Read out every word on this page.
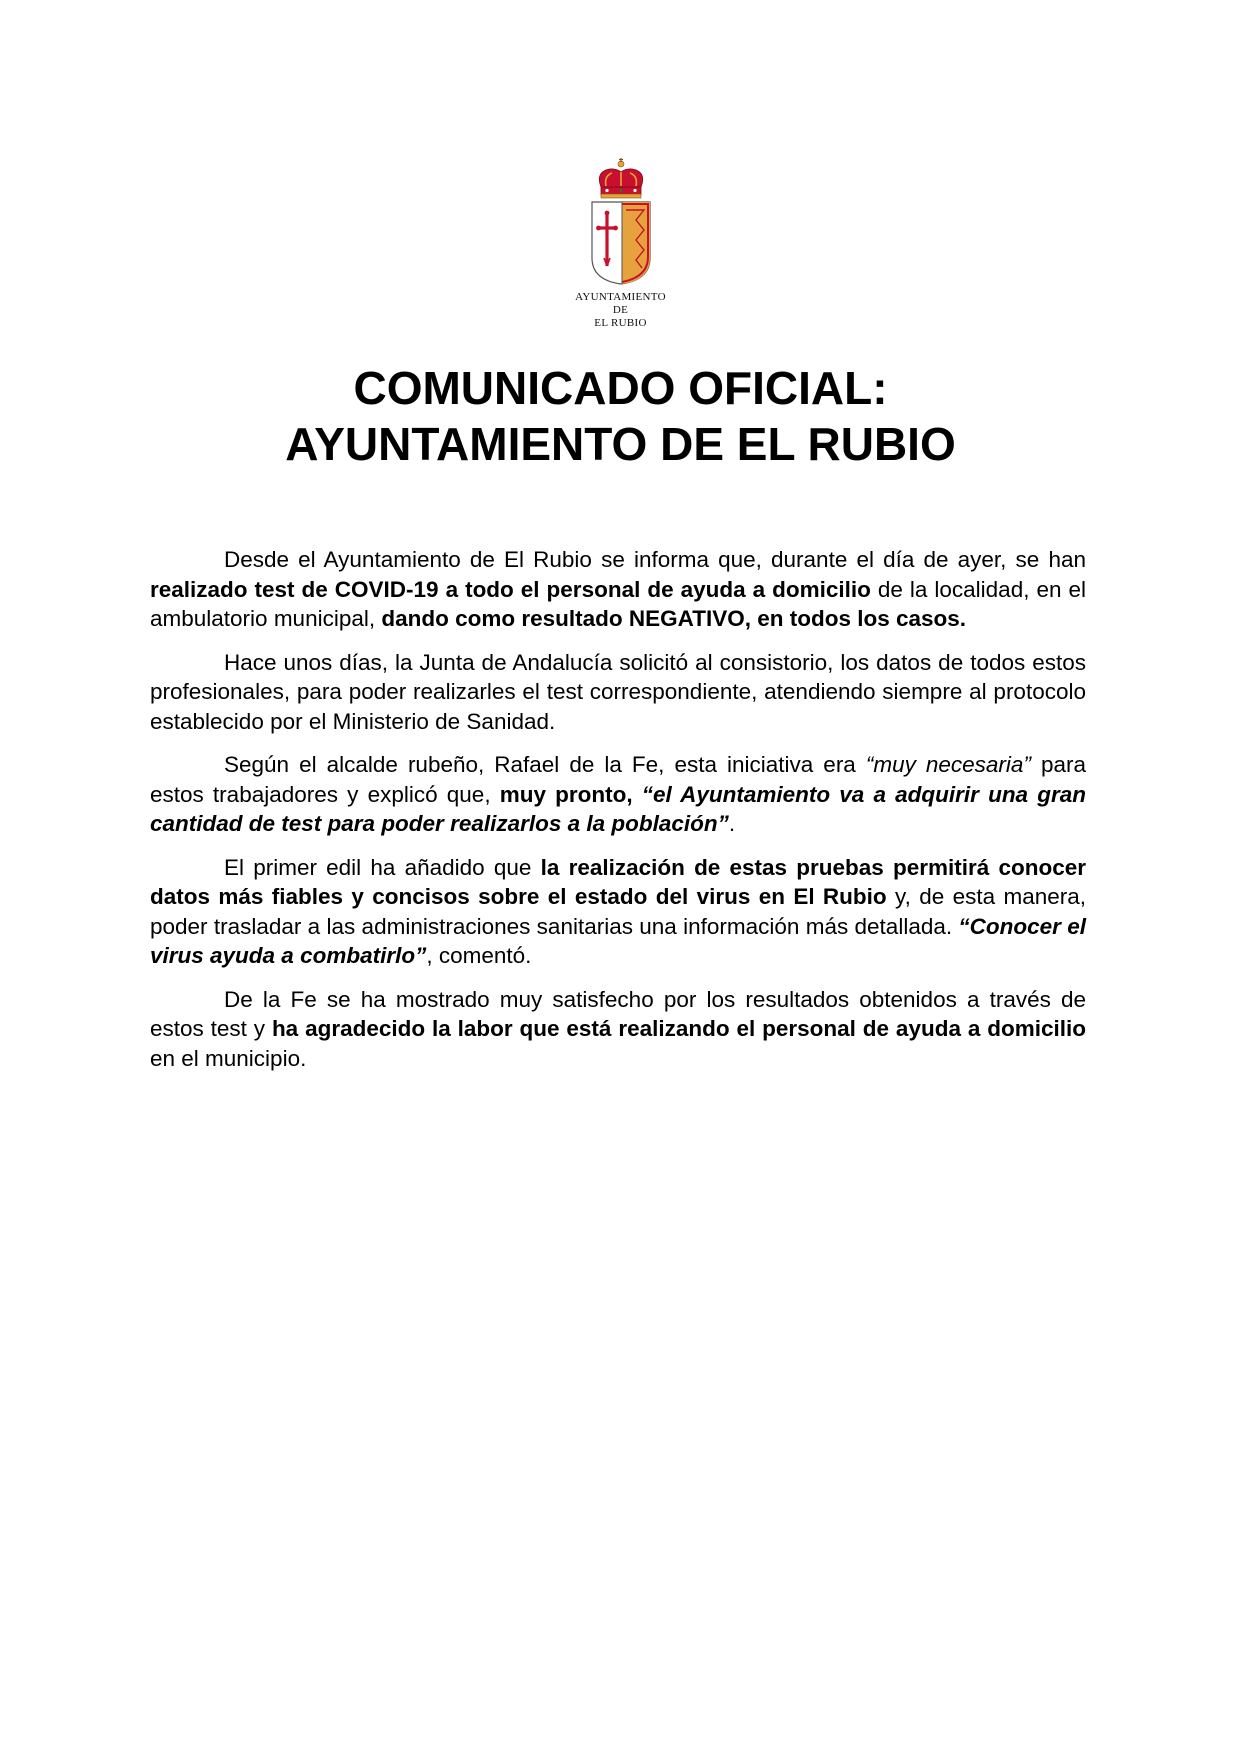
AYUNTAMIENTO
DE
EL RUBIO
COMUNICADO OFICIAL:
AYUNTAMIENTO DE EL RUBIO

Desde el Ayuntamiento de El Rubio se informa que, durante el día de ayer, se han realizado test de COVID-19 a todo el personal de ayuda a domicilio de la localidad, en el ambulatorio municipal, dando como resultado NEGATIVO, en todos los casos.

Hace unos días, la Junta de Andalucía solicitó al consistorio, los datos de todos estos profesionales, para poder realizarles el test correspondiente, atendiendo siempre al protocolo establecido por el Ministerio de Sanidad.

Según el alcalde rubeño, Rafael de la Fe, esta iniciativa era “muy necesaria” para estos trabajadores y explicó que, muy pronto, “el Ayuntamiento va a adquirir una gran cantidad de test para poder realizarlos a la población”.

El primer edil ha añadido que la realización de estas pruebas permitirá conocer datos más fiables y concisos sobre el estado del virus en El Rubio y, de esta manera, poder trasladar a las administraciones sanitarias una información más detallada. “Conocer el virus ayuda a combatirlo”, comentó.

De la Fe se ha mostrado muy satisfecho por los resultados obtenidos a través de estos test y ha agradecido la labor que está realizando el personal de ayuda a domicilio en el municipio.
